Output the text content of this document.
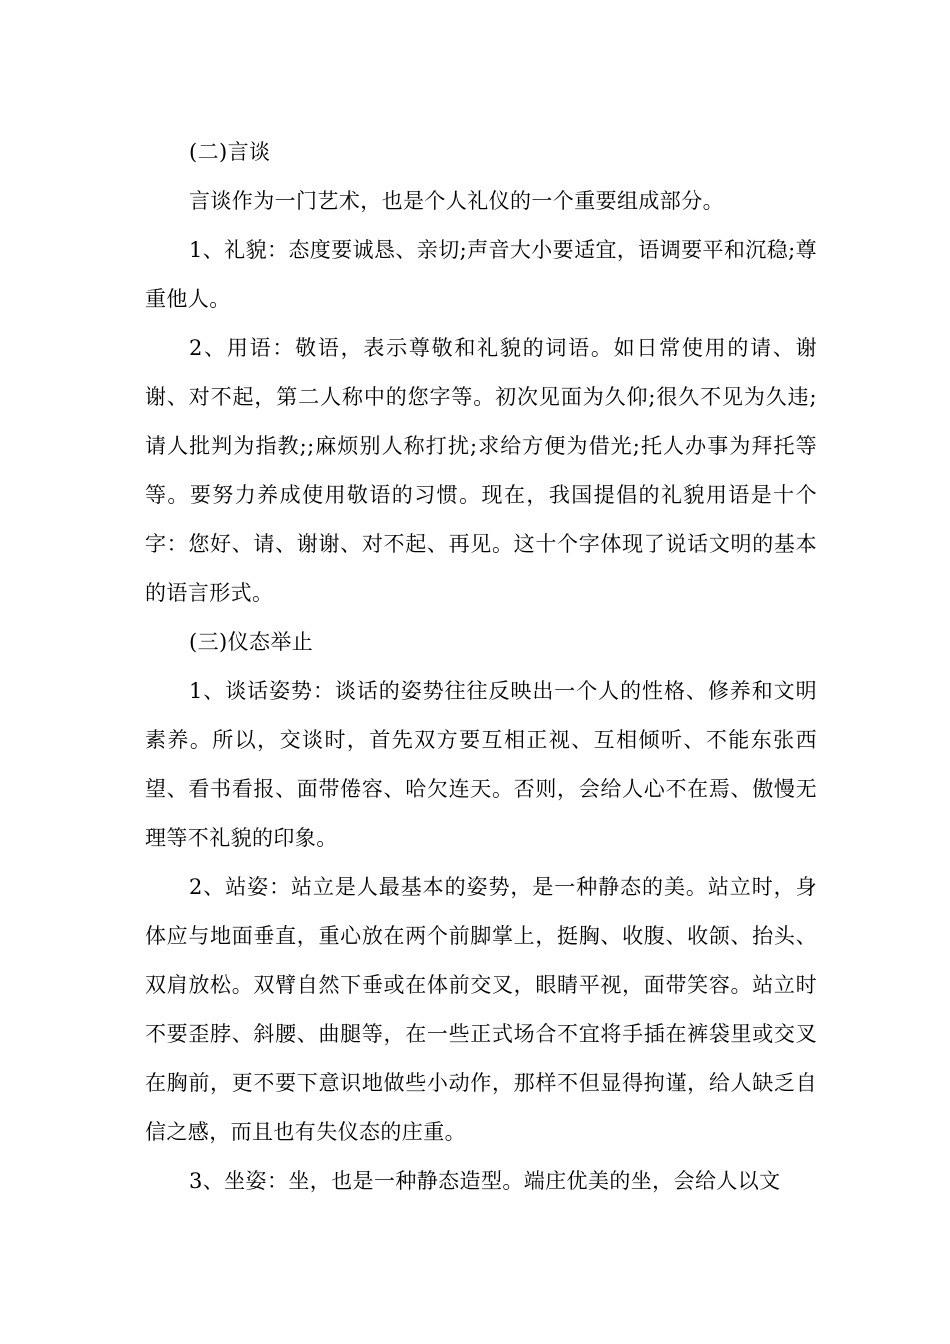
(二)言谈

言谈作为一门艺术，也是个人礼仪的一个重要组成部分。

1、礼貌：态度要诚恳、亲切;声音大小要适宜，语调要平和沉稳;尊重他人。

2、用语：敬语，表示尊敬和礼貌的词语。如日常使用的请、谢谢、对不起，第二人称中的您字等。初次见面为久仰;很久不见为久违;请人批判为指教;;麻烦别人称打扰;求给方便为借光;托人办事为拜托等等。要努力养成使用敬语的习惯。现在，我国提倡的礼貌用语是十个字：您好、请、谢谢、对不起、再见。这十个字体现了说话文明的基本的语言形式。

(三)仪态举止

1、谈话姿势：谈话的姿势往往反映出一个人的性格、修养和文明素养。所以，交谈时，首先双方要互相正视、互相倾听、不能东张西望、看书看报、面带倦容、哈欠连天。否则，会给人心不在焉、傲慢无理等不礼貌的印象。

2、站姿：站立是人最基本的姿势，是一种静态的美。站立时，身体应与地面垂直，重心放在两个前脚掌上，挺胸、收腹、收颌、抬头、双肩放松。双臂自然下垂或在体前交叉，眼睛平视，面带笑容。站立时不要歪脖、斜腰、曲腿等，在一些正式场合不宜将手插在裤袋里或交叉在胸前，更不要下意识地做些小动作，那样不但显得拘谨，给人缺乏自信之感，而且也有失仪态的庄重。

3、坐姿：坐，也是一种静态造型。端庄优美的坐，会给人以文
